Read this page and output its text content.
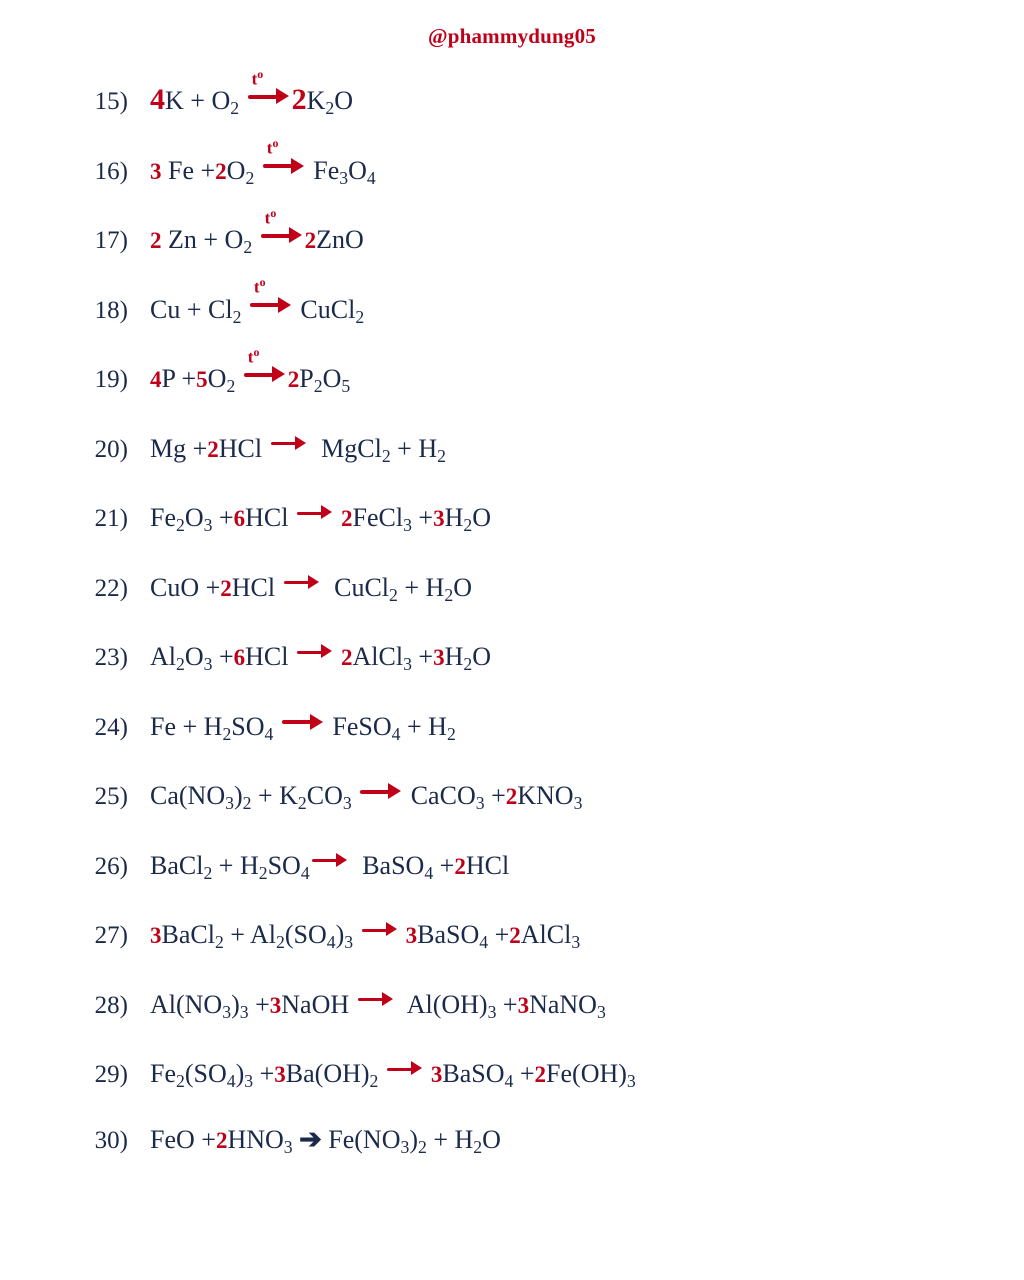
@phammydung05
15) $4K + O_2$
$t^o$
$2K_2O$
16) 3 $Fe +2O_2$
$t^o$
$Fe_3O_4$
17) 2 $Zn + O_2$
$t^o$
2ZnO
18) $Cu + Cl_2$
$t^o$
CuCl$_2$
19) $4P +5O_2$
$t^o$
$2P_2O_5$
20) Mg +2HCl
MgCl$_2$ + $H_2$
21) $Fe_2O_3 +6HCl$
2FeCl$_3$ $+3H_2O$
22) CuO +2HCl
CuCl$_2$ + $H_2O$
23) $Al_2O_3 +6HCl$
2AlCl$_3$ $+3H_2O$
24) $Fe + H_2SO_4$
FeSO$_4$ + $H_2$
25) $Ca(NO_3)_2 + K_2CO_3$
CaCO$_3$ $+2KNO_3$
26) BaCl$_2$ + $H_2SO_4$
BaSO$_4$ +2HCl
27) 3BaCl$_2$ + $Al_2(SO_4)_3$ 3BaSO$_4$ +2AlCl$_3$
28) $Al(NO_3)_3$ +3NaOH
$Al(OH)_3$ +3NaNO$_3$
29) $Fe_2(SO_4)_3 +3Ba(OH)_2$ 3BaSO$_4$ $+2Fe(OH)_3$
30) FeO $+2HNO_3$ ➔ $Fe(NO_3)_2 + H_2O$
